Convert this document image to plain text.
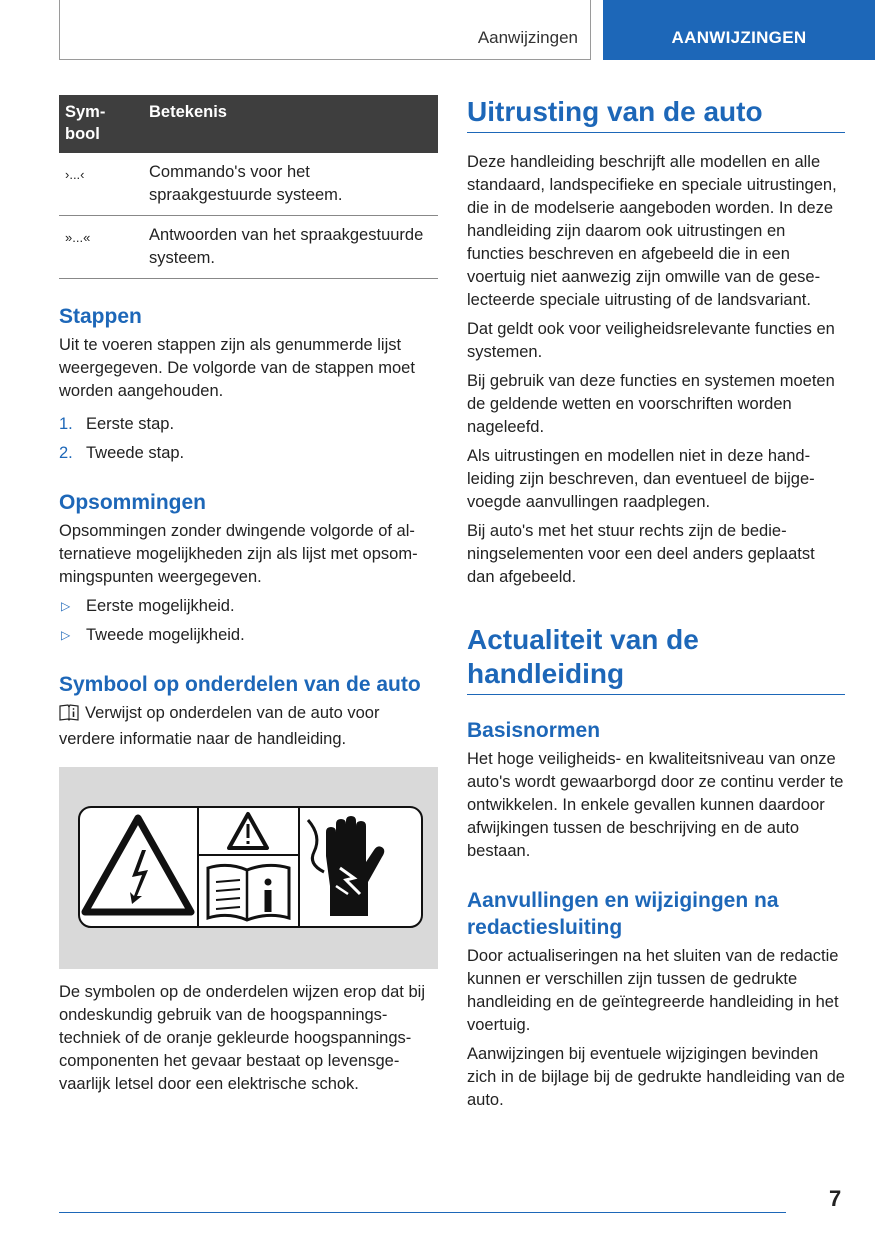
Aanwijzingen	AANWIJZINGEN
Sym-
bool	Betekenis
›...‹	Commando's voor het spraakgestuurde systeem.
»...«	Antwoorden van het spraakgestuurde systeem.
Stappen

Uit te voeren stappen zijn als genummerde lijst weergegeven. De volgorde van de stappen moet worden aangehouden.

1. Eerste stap.
2. Tweede stap.
Opsommingen

Opsommingen zonder dwingende volgorde of alternatieve mogelijkheden zijn als lijst met opsommingspunten weergegeven.

▷ Eerste mogelijkheid.
▷ Tweede mogelijkheid.
Symbool op onderdelen van de auto

Verwijst op onderdelen van de auto voor verdere informatie naar de handleiding.

De symbolen op de onderdelen wijzen erop dat bij ondeskundig gebruik van de hoogspanningstechniek of de oranje gekleurde hoogspanningscomponenten het gevaar bestaat op levensgevaarlijk letsel door een elektrische schok.

Uitrusting van de auto

Deze handleiding beschrijft alle modellen en alle standaard, landspecifieke en speciale uitrustingen, die in de modelserie aangeboden worden. In deze handleiding zijn daarom ook uitrustingen en functies beschreven en afgebeeld die in een voertuig niet aanwezig zijn omwille van de geselecteerde speciale uitrusting of de landsvariant.

Dat geldt ook voor veiligheidsrelevante functies en systemen.

Bij gebruik van deze functies en systemen moeten de geldende wetten en voorschriften worden nageleefd.

Als uitrustingen en modellen niet in deze handleiding zijn beschreven, dan eventueel de bijgevoegde aanvullingen raadplegen.

Bij auto's met het stuur rechts zijn de bedieningselementen voor een deel anders geplaatst dan afgebeeld.

Actualiteit van de handleiding
Basisnormen

Het hoge veiligheids- en kwaliteitsniveau van onze auto's wordt gewaarborgd door ze continu verder te ontwikkelen. In enkele gevallen kunnen daardoor afwijkingen tussen de beschrijving en de auto bestaan.

Aanvullingen en wijzigingen na redactiesluiting

Door actualiseringen na het sluiten van de redactie kunnen er verschillen zijn tussen de gedrukte handleiding en de geïntegreerde handleiding in het voertuig.

Aanwijzingen bij eventuele wijzigingen bevinden zich in de bijlage bij de gedrukte handleiding van de auto.

7
